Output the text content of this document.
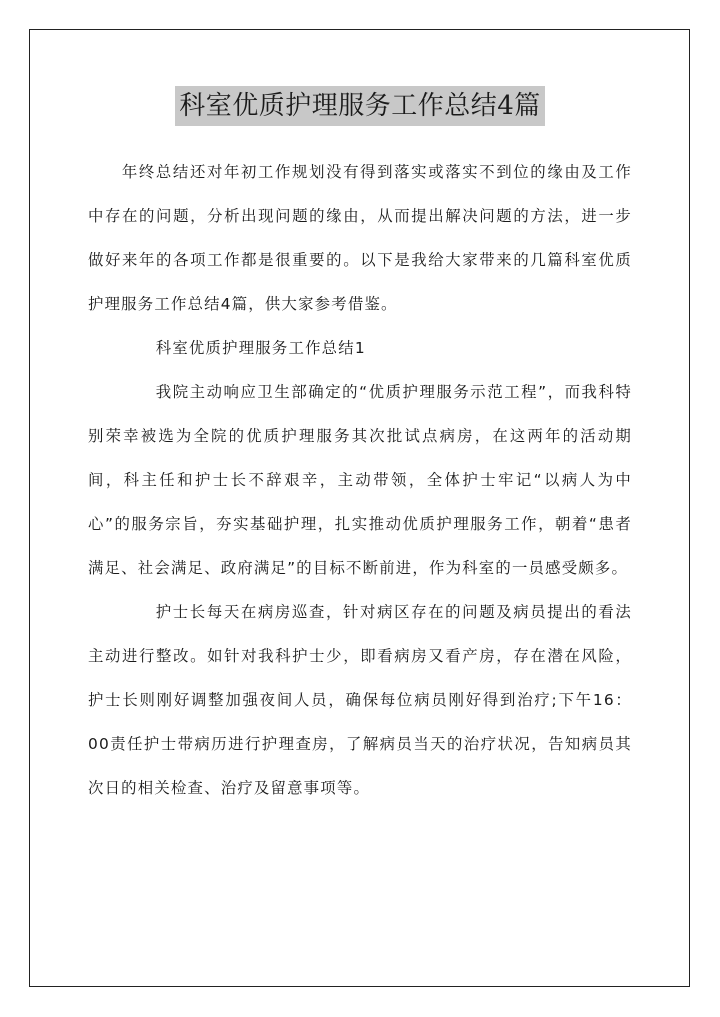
科室优质护理服务工作总结4篇

年终总结还对年初工作规划没有得到落实或落实不到位的缘由及工作中存在的问题，分析出现问题的缘由，从而提出解决问题的方法，进一步做好来年的各项工作都是很重要的。以下是我给大家带来的几篇科室优质护理服务工作总结4篇，供大家参考借鉴。

科室优质护理服务工作总结1

我院主动响应卫生部确定的“优质护理服务示范工程”，而我科特别荣幸被选为全院的优质护理服务其次批试点病房，在这两年的活动期间，科主任和护士长不辞艰辛，主动带领，全体护士牢记“以病人为中心”的服务宗旨，夯实基础护理，扎实推动优质护理服务工作，朝着“患者满足、社会满足、政府满足”的目标不断前进，作为科室的一员感受颇多。

护士长每天在病房巡查，针对病区存在的问题及病员提出的看法主动进行整改。如针对我科护士少，即看病房又看产房，存在潜在风险，护士长则刚好调整加强夜间人员，确保每位病员刚好得到治疗;下午16：00责任护士带病历进行护理查房，了解病员当天的治疗状况，告知病员其次日的相关检查、治疗及留意事项等。
